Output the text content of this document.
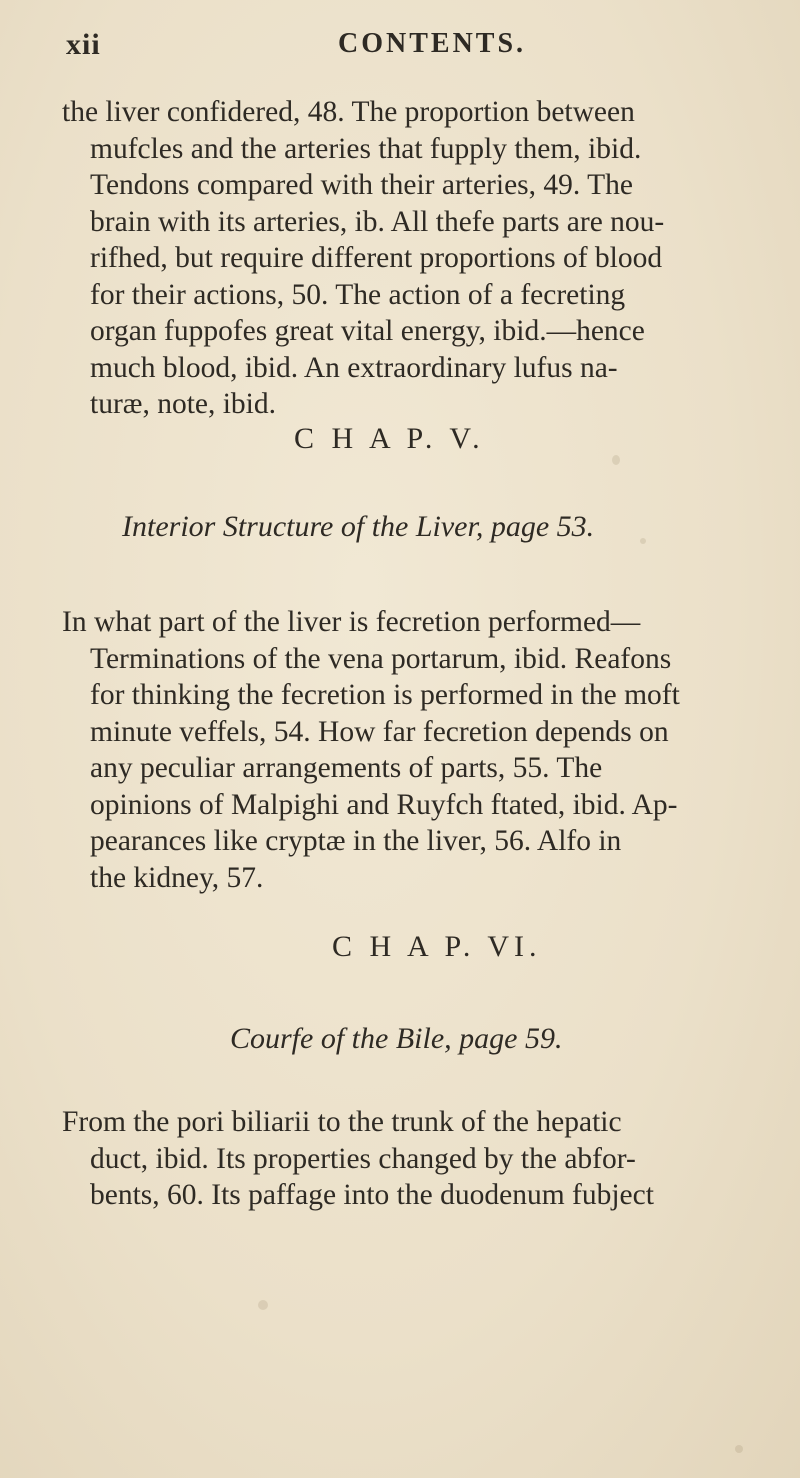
xii	CONTENTS.
the liver confidered, 48. The proportion between
mufcles and the arteries that fupply them, ibid.
Tendons compared with their arteries, 49. The
brain with its arteries, ib. All thefe parts are nou-
rifhed, but require different proportions of blood
for their actions, 50. The action of a fecreting
organ fuppofes great vital energy, ibid.—hence
much blood, ibid. An extraordinary lufus na-
turæ, note, ibid.
C H A P. V.
Interior Structure of the Liver, page 53.
In what part of the liver is fecretion performed—
Terminations of the vena portarum, ibid. Reafons
for thinking the fecretion is performed in the moft
minute veffels, 54. How far fecretion depends on
any peculiar arrangements of parts, 55. The
opinions of Malpighi and Ruyfch ftated, ibid. Ap-
pearances like cryptæ in the liver, 56. Alfo in
the kidney, 57.
C H A P. VI.
Courfe of the Bile, page 59.
From the pori biliarii to the trunk of the hepatic
duct, ibid. Its properties changed by the abfor-
bents, 60. Its paffage into the duodenum fubject
